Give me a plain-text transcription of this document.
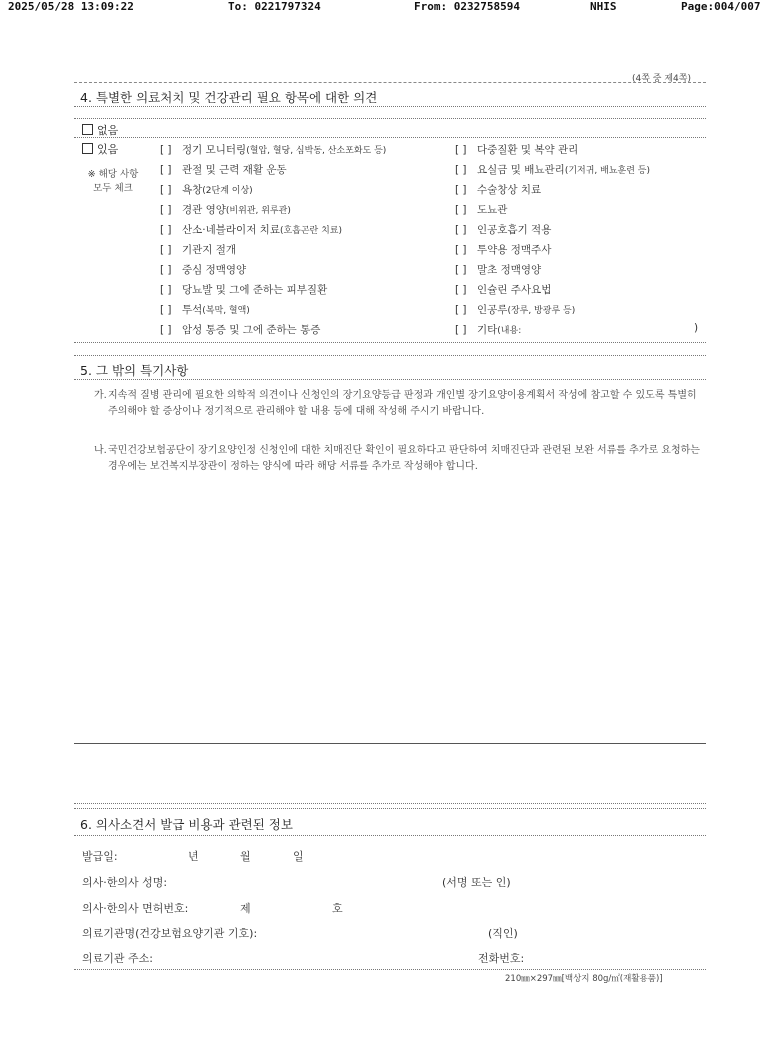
2025/05/28 13:09:22	To: 0221797324	From: 0232758594	NHIS	Page:004/007
(4쪽 중 제4쪽)
4. 특별한 의료처치 및 건강관리 필요 항목에 대한 의견
없음
있음
※ 해당 사항
모두 체크
[ ] 정기 모니터링(혈압, 혈당, 심박동, 산소포화도 등)
[ ] 관절 및 근력 재활 운동
[ ] 욕창(2단계 이상)
[ ] 경관 영양(비위관, 위루관)
[ ] 산소·네블라이저 치료(호흡곤란 치료)
[ ] 기관지 절개
[ ] 중심 정맥영양
[ ] 당뇨발 및 그에 준하는 피부질환
[ ] 투석(복막, 혈액)
[ ] 암성 통증 및 그에 준하는 통증
[ ] 다중질환 및 복약 관리
[ ] 요실금 및 배뇨관리(기저귀, 배뇨훈련 등)
[ ] 수술창상 치료
[ ] 도뇨관
[ ] 인공호흡기 적용
[ ] 투약용 정맥주사
[ ] 말초 정맥영양
[ ] 인슐린 주사요법
[ ] 인공루(장루, 방광루 등)
[ ] 기타(내용:	)
5. 그 밖의 특기사항
가. 지속적 질병 관리에 필요한 의학적 의견이나 신청인의 장기요양등급 판정과 개인별 장기요양이용계획서 작성에 참고할 수 있도록 특별히 주의해야 할 증상이나 정기적으로 관리해야 할 내용 등에 대해 작성해 주시기 바랍니다.
나. 국민건강보험공단이 장기요양인정 신청인에 대한 치매진단 확인이 필요하다고 판단하여 치매진단과 관련된 보완 서류를 추가로 요청하는 경우에는 보건복지부장관이 정하는 양식에 따라 해당 서류를 추가로 작성해야 합니다.
6. 의사소견서 발급 비용과 관련된 정보
발급일:	년	월	일
의사·한의사 성명:	(서명 또는 인)
의사·한의사 면허번호:	제	호
의료기관명(건강보험요양기관 기호):	(직인)
의료기관 주소:	전화번호:
210㎜×297㎜[백상지 80g/㎡(재활용품)]
